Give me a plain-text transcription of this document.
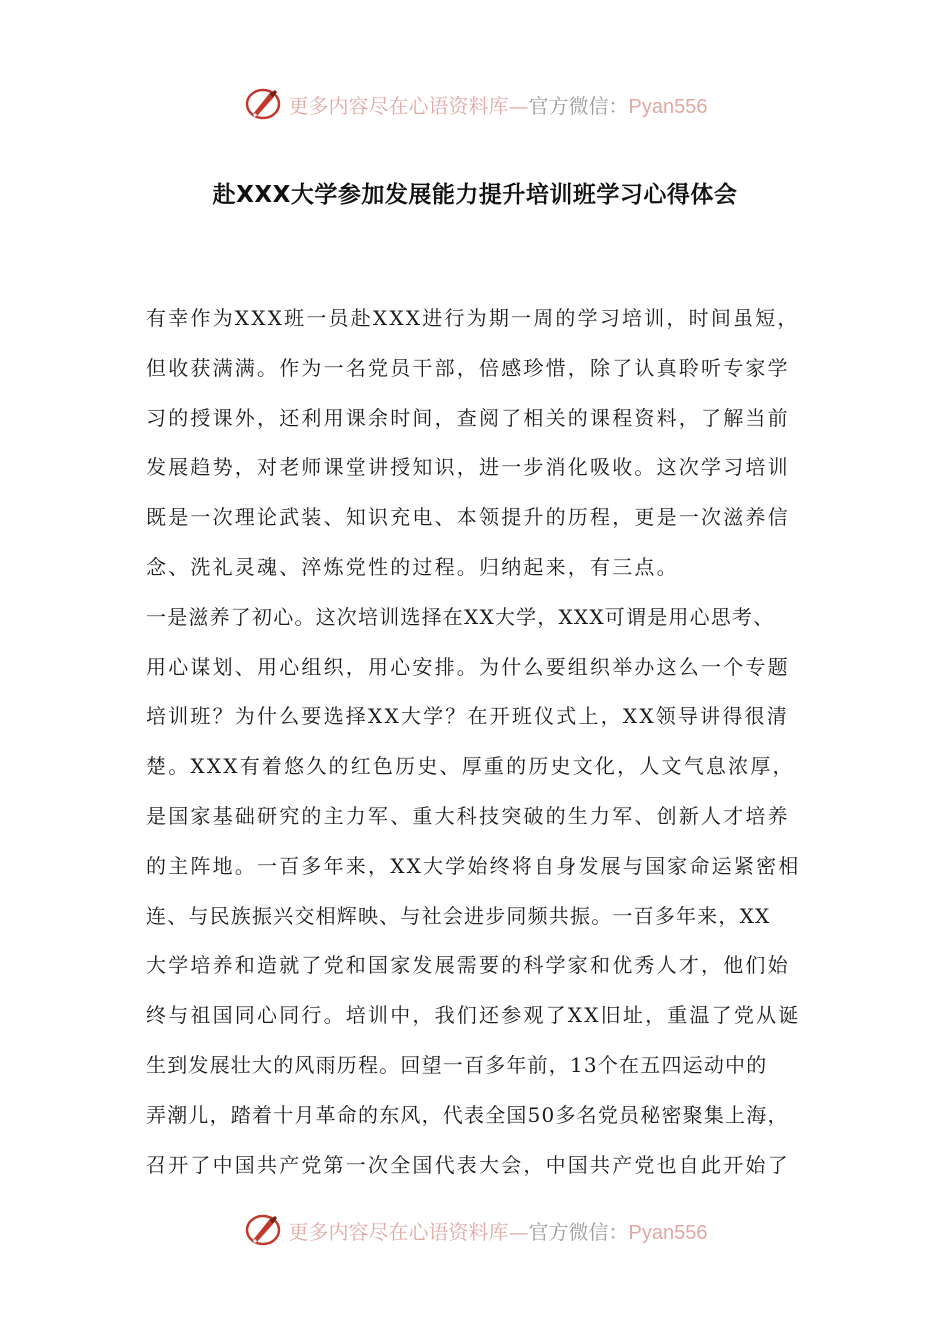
更多内容尽在心语资料库—官方微信：Pyan556
赴XXX大学参加发展能力提升培训班学习心得体会
有幸作为XXX班一员赴XXX进行为期一周的学习培训，时间虽短，
但收获满满。作为一名党员干部，倍感珍惜，除了认真聆听专家学
习的授课外，还利用课余时间，查阅了相关的课程资料，了解当前
发展趋势，对老师课堂讲授知识，进一步消化吸收。这次学习培训
既是一次理论武装、知识充电、本领提升的历程，更是一次滋养信
念、洗礼灵魂、淬炼党性的过程。归纳起来，有三点。
一是滋养了初心。这次培训选择在XX大学，XXX可谓是用心思考、
用心谋划、用心组织，用心安排。为什么要组织举办这么一个专题
培训班？为什么要选择XX大学？在开班仪式上，XX领导讲得很清
楚。XXX有着悠久的红色历史、厚重的历史文化，人文气息浓厚，
是国家基础研究的主力军、重大科技突破的生力军、创新人才培养
的主阵地。一百多年来，XX大学始终将自身发展与国家命运紧密相
连、与民族振兴交相辉映、与社会进步同频共振。一百多年来，XX
大学培养和造就了党和国家发展需要的科学家和优秀人才，他们始
终与祖国同心同行。培训中，我们还参观了XX旧址，重温了党从诞
生到发展壮大的风雨历程。回望一百多年前，13个在五四运动中的
弄潮儿，踏着十月革命的东风，代表全国50多名党员秘密聚集上海，
召开了中国共产党第一次全国代表大会，中国共产党也自此开始了
更多内容尽在心语资料库—官方微信：Pyan556
